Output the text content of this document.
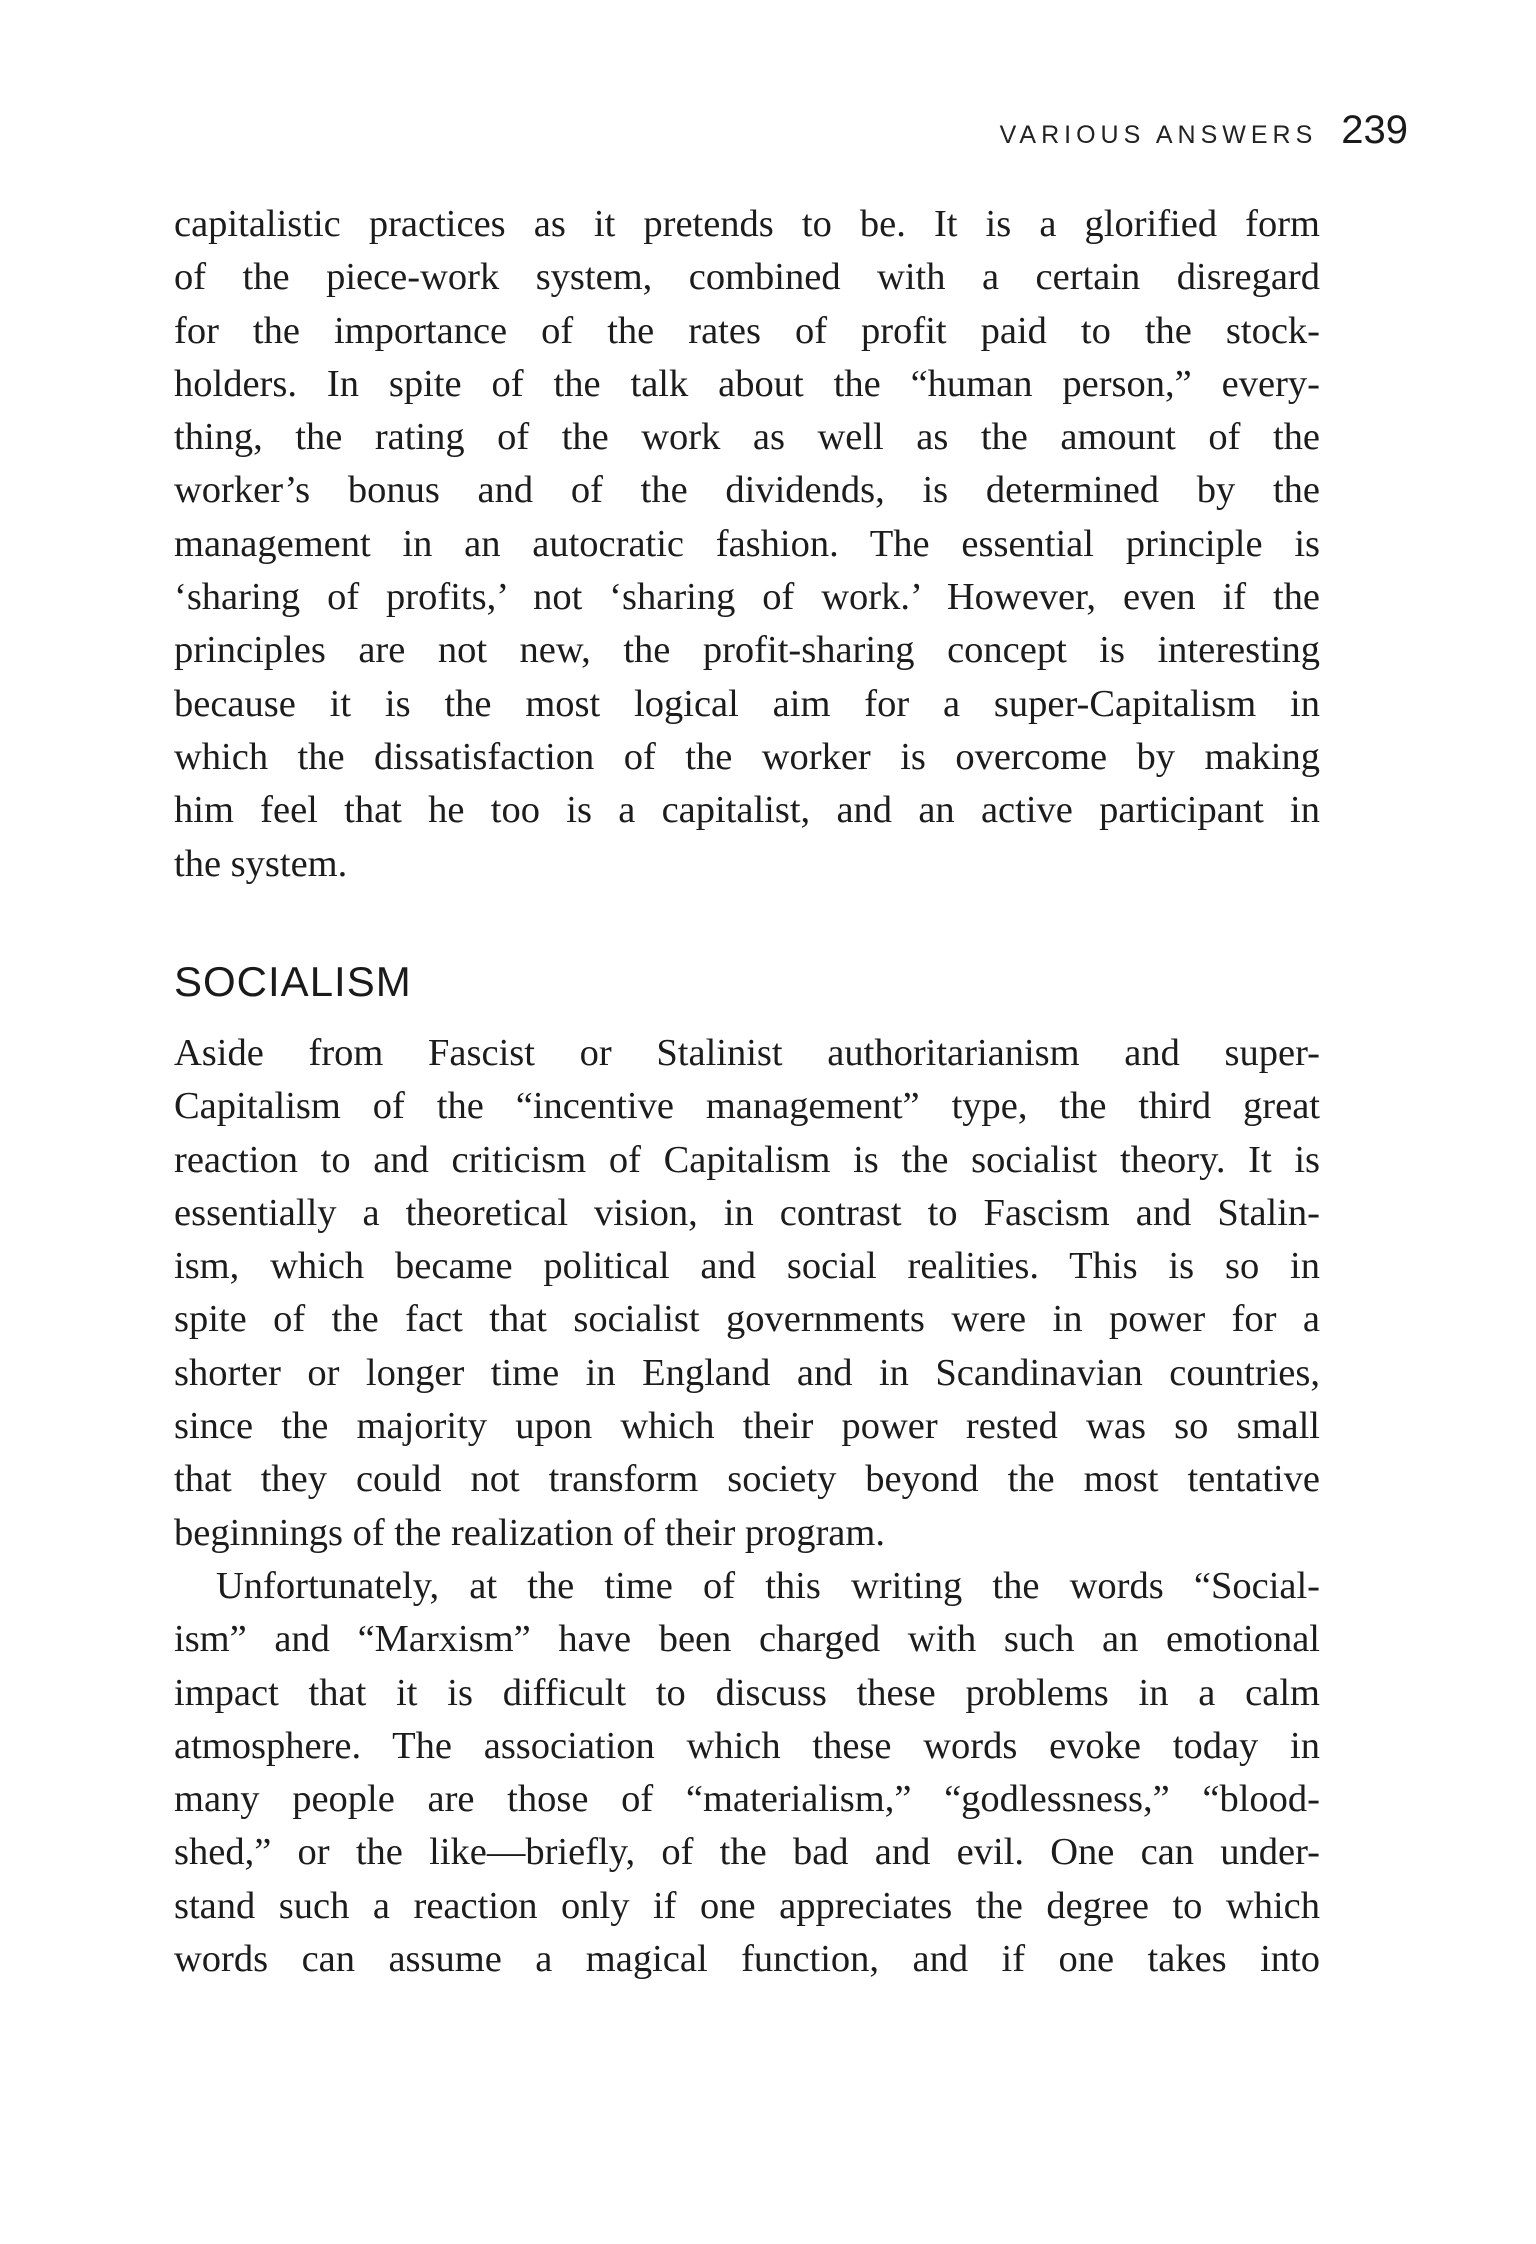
VARIOUS ANSWERS 239
capitalistic practices as it pretends to be. It is a glorified form
of the piece-work system, combined with a certain disregard
for the importance of the rates of profit paid to the stock-
holders. In spite of the talk about the “human person,” every-
thing, the rating of the work as well as the amount of the
worker’s bonus and of the dividends, is determined by the
management in an autocratic fashion. The essential principle is
‘sharing of profits,’ not ‘sharing of work.’ However, even if the
principles are not new, the profit-sharing concept is interesting
because it is the most logical aim for a super-Capitalism in
which the dissatisfaction of the worker is overcome by making
him feel that he too is a capitalist, and an active participant in
the system.
SOCIALISM

Aside from Fascist or Stalinist authoritarianism and super-
Capitalism of the “incentive management” type, the third great
reaction to and criticism of Capitalism is the socialist theory. It is
essentially a theoretical vision, in contrast to Fascism and Stalin-
ism, which became political and social realities. This is so in
spite of the fact that socialist governments were in power for a
shorter or longer time in England and in Scandinavian countries,
since the majority upon which their power rested was so small
that they could not transform society beyond the most tentative
beginnings of the realization of their program.

Unfortunately, at the time of this writing the words “Social-
ism” and “Marxism” have been charged with such an emotional
impact that it is difficult to discuss these problems in a calm
atmosphere. The association which these words evoke today in
many people are those of “materialism,” “godlessness,” “blood-
shed,” or the like—briefly, of the bad and evil. One can under-
stand such a reaction only if one appreciates the degree to which
words can assume a magical function, and if one takes into
